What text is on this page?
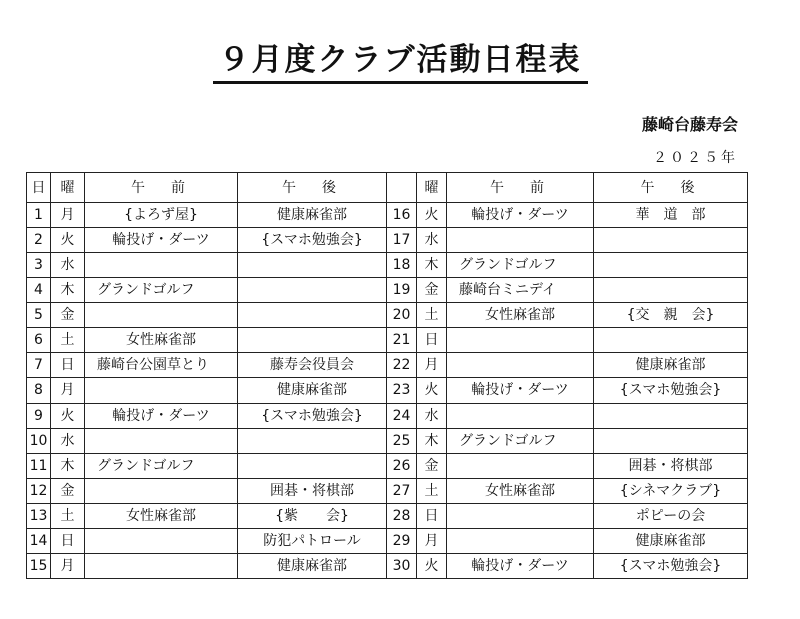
９月度クラブ活動日程表
藤崎台藤寿会
２０２５年
日	曜	午　前	午　後		曜	午　前	午　後
1	月	{よろず屋}	健康麻雀部	16	火	輪投げ・ダーツ	華　道　部
2	火	輪投げ・ダーツ	{スマホ勉強会}	17	水		
3	水			18	木	グランドゴルフ	
4	木	グランドゴルフ		19	金	藤崎台ミニデイ	
5	金			20	土	女性麻雀部	{交　親　会}
6	土	女性麻雀部		21	日		
7	日	藤崎台公園草とり	藤寿会役員会	22	月		健康麻雀部
8	月		健康麻雀部	23	火	輪投げ・ダーツ	{スマホ勉強会}
9	火	輪投げ・ダーツ	{スマホ勉強会}	24	水		
10	水			25	木	グランドゴルフ	
11	木	グランドゴルフ		26	金		囲碁・将棋部
12	金		囲碁・将棋部	27	土	女性麻雀部	{シネマクラブ}
13	土	女性麻雀部	{紫　　会}	28	日		ポピーの会
14	日		防犯パトロール	29	月		健康麻雀部
15	月		健康麻雀部	30	火	輪投げ・ダーツ	{スマホ勉強会}
